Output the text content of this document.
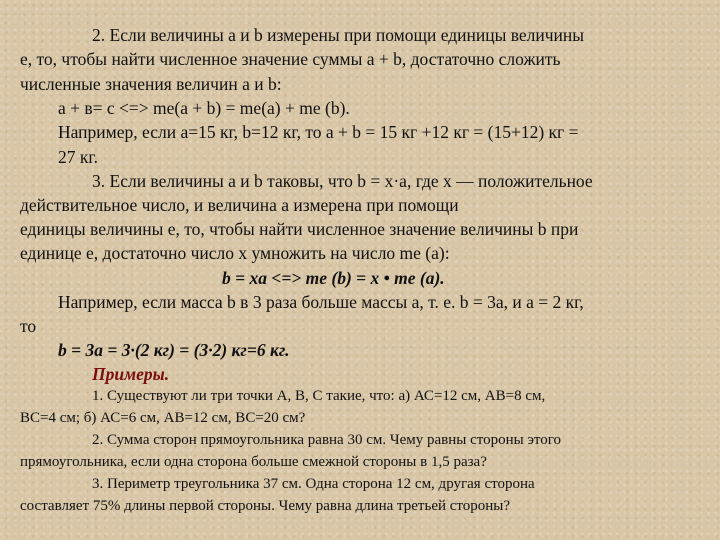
2. Если величины a и b измерены при помощи единицы величины
e, то, чтобы найти численное значение суммы a + b, достаточно сложить
численные значения величин a и b:
а + в= с <=> mе(а + b) = mе(а) + mе (b).
Например, если а=15 кг, b=12 кг, то а + b = 15 кг +12 кг = (15+12) кг =
27 кг.
3. Если величины a и b таковы, что b = x·a, где x — положительное
действительное число, и величина a измерена при помощи
единицы величины e, то, чтобы найти численное значение величины b при
единице e, достаточно число x умножить на число mе (a):
b = xa <=> mе (b) = x • mе (a).
Например, если масса b в 3 раза больше массы a, т. е. b = 3a, и a = 2 кг,
то
b = 3a = 3·(2 кг) = (3·2) кг=6 кг.
Примеры.
1. Существуют ли три точки А, В, С такие, что: а) АС=12 см, АВ=8 см,
ВС=4 см; б) АС=6 см, АВ=12 см, ВС=20 см?
2. Сумма сторон прямоугольника равна 30 см. Чему равны стороны этого
прямоугольника, если одна сторона больше смежной стороны в 1,5 раза?
3. Периметр треугольника 37 см. Одна сторона 12 см, другая сторона
составляет 75% длины первой стороны. Чему равна длина третьей стороны?
